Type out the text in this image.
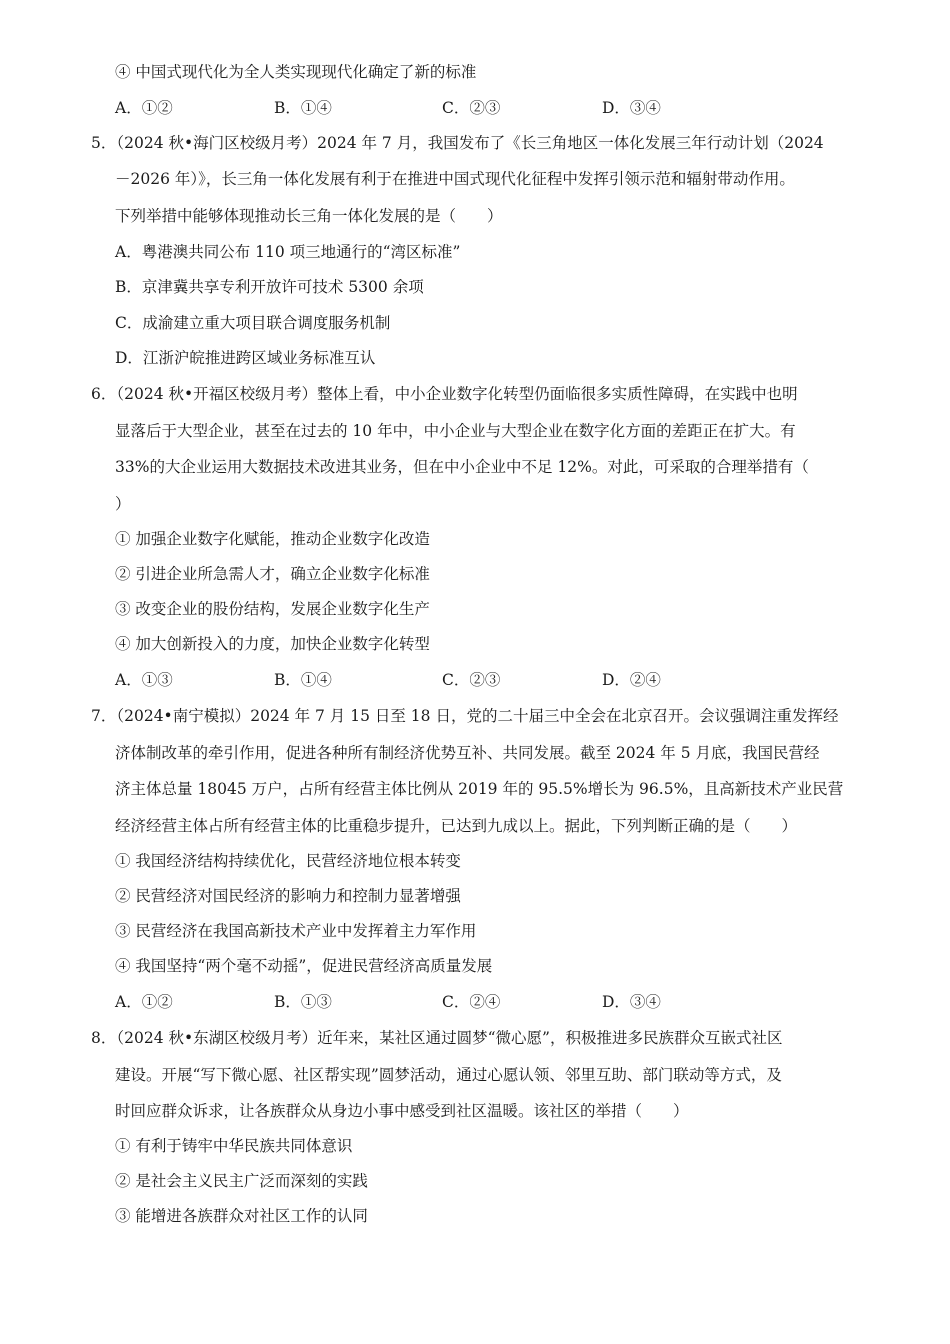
④ 中国式现代化为全人类实现现代化确定了新的标准
A．①②	B．①④	C．②③	D．③④
5．（2024 秋•海门区校级月考）2024 年 7 月，我国发布了《长三角地区一体化发展三年行动计划（2024
－2026 年）》，长三角一体化发展有利于在推进中国式现代化征程中发挥引领示范和辐射带动作用。
下列举措中能够体现推动长三角一体化发展的是（　　）
A．粤港澳共同公布 110 项三地通行的“湾区标准”
B．京津冀共享专利开放许可技术 5300 余项
C．成渝建立重大项目联合调度服务机制
D．江浙沪皖推进跨区域业务标准互认
6．（2024 秋•开福区校级月考）整体上看，中小企业数字化转型仍面临很多实质性障碍，在实践中也明
显落后于大型企业，甚至在过去的 10 年中，中小企业与大型企业在数字化方面的差距正在扩大。有
33%的大企业运用大数据技术改进其业务，但在中小企业中不足 12%。对此，可采取的合理举措有（
）
① 加强企业数字化赋能，推动企业数字化改造
② 引进企业所急需人才，确立企业数字化标准
③ 改变企业的股份结构，发展企业数字化生产
④ 加大创新投入的力度，加快企业数字化转型
A．①③	B．①④	C．②③	D．②④
7．（2024•南宁模拟）2024 年 7 月 15 日至 18 日，党的二十届三中全会在北京召开。会议强调注重发挥经
济体制改革的牵引作用，促进各种所有制经济优势互补、共同发展。截至 2024 年 5 月底，我国民营经
济主体总量 18045 万户，占所有经营主体比例从 2019 年的 95.5%增长为 96.5%，且高新技术产业民营
经济经营主体占所有经营主体的比重稳步提升，已达到九成以上。据此，下列判断正确的是（　　）
① 我国经济结构持续优化，民营经济地位根本转变
② 民营经济对国民经济的影响力和控制力显著增强
③ 民营经济在我国高新技术产业中发挥着主力军作用
④ 我国坚持“两个毫不动摇”，促进民营经济高质量发展
A．①②	B．①③	C．②④	D．③④
8．（2024 秋•东湖区校级月考）近年来，某社区通过圆梦“微心愿”，积极推进多民族群众互嵌式社区
建设。开展“写下微心愿、社区帮实现”圆梦活动，通过心愿认领、邻里互助、部门联动等方式，及
时回应群众诉求，让各族群众从身边小事中感受到社区温暖。该社区的举措（　　）
① 有利于铸牢中华民族共同体意识
② 是社会主义民主广泛而深刻的实践
③ 能增进各族群众对社区工作的认同
